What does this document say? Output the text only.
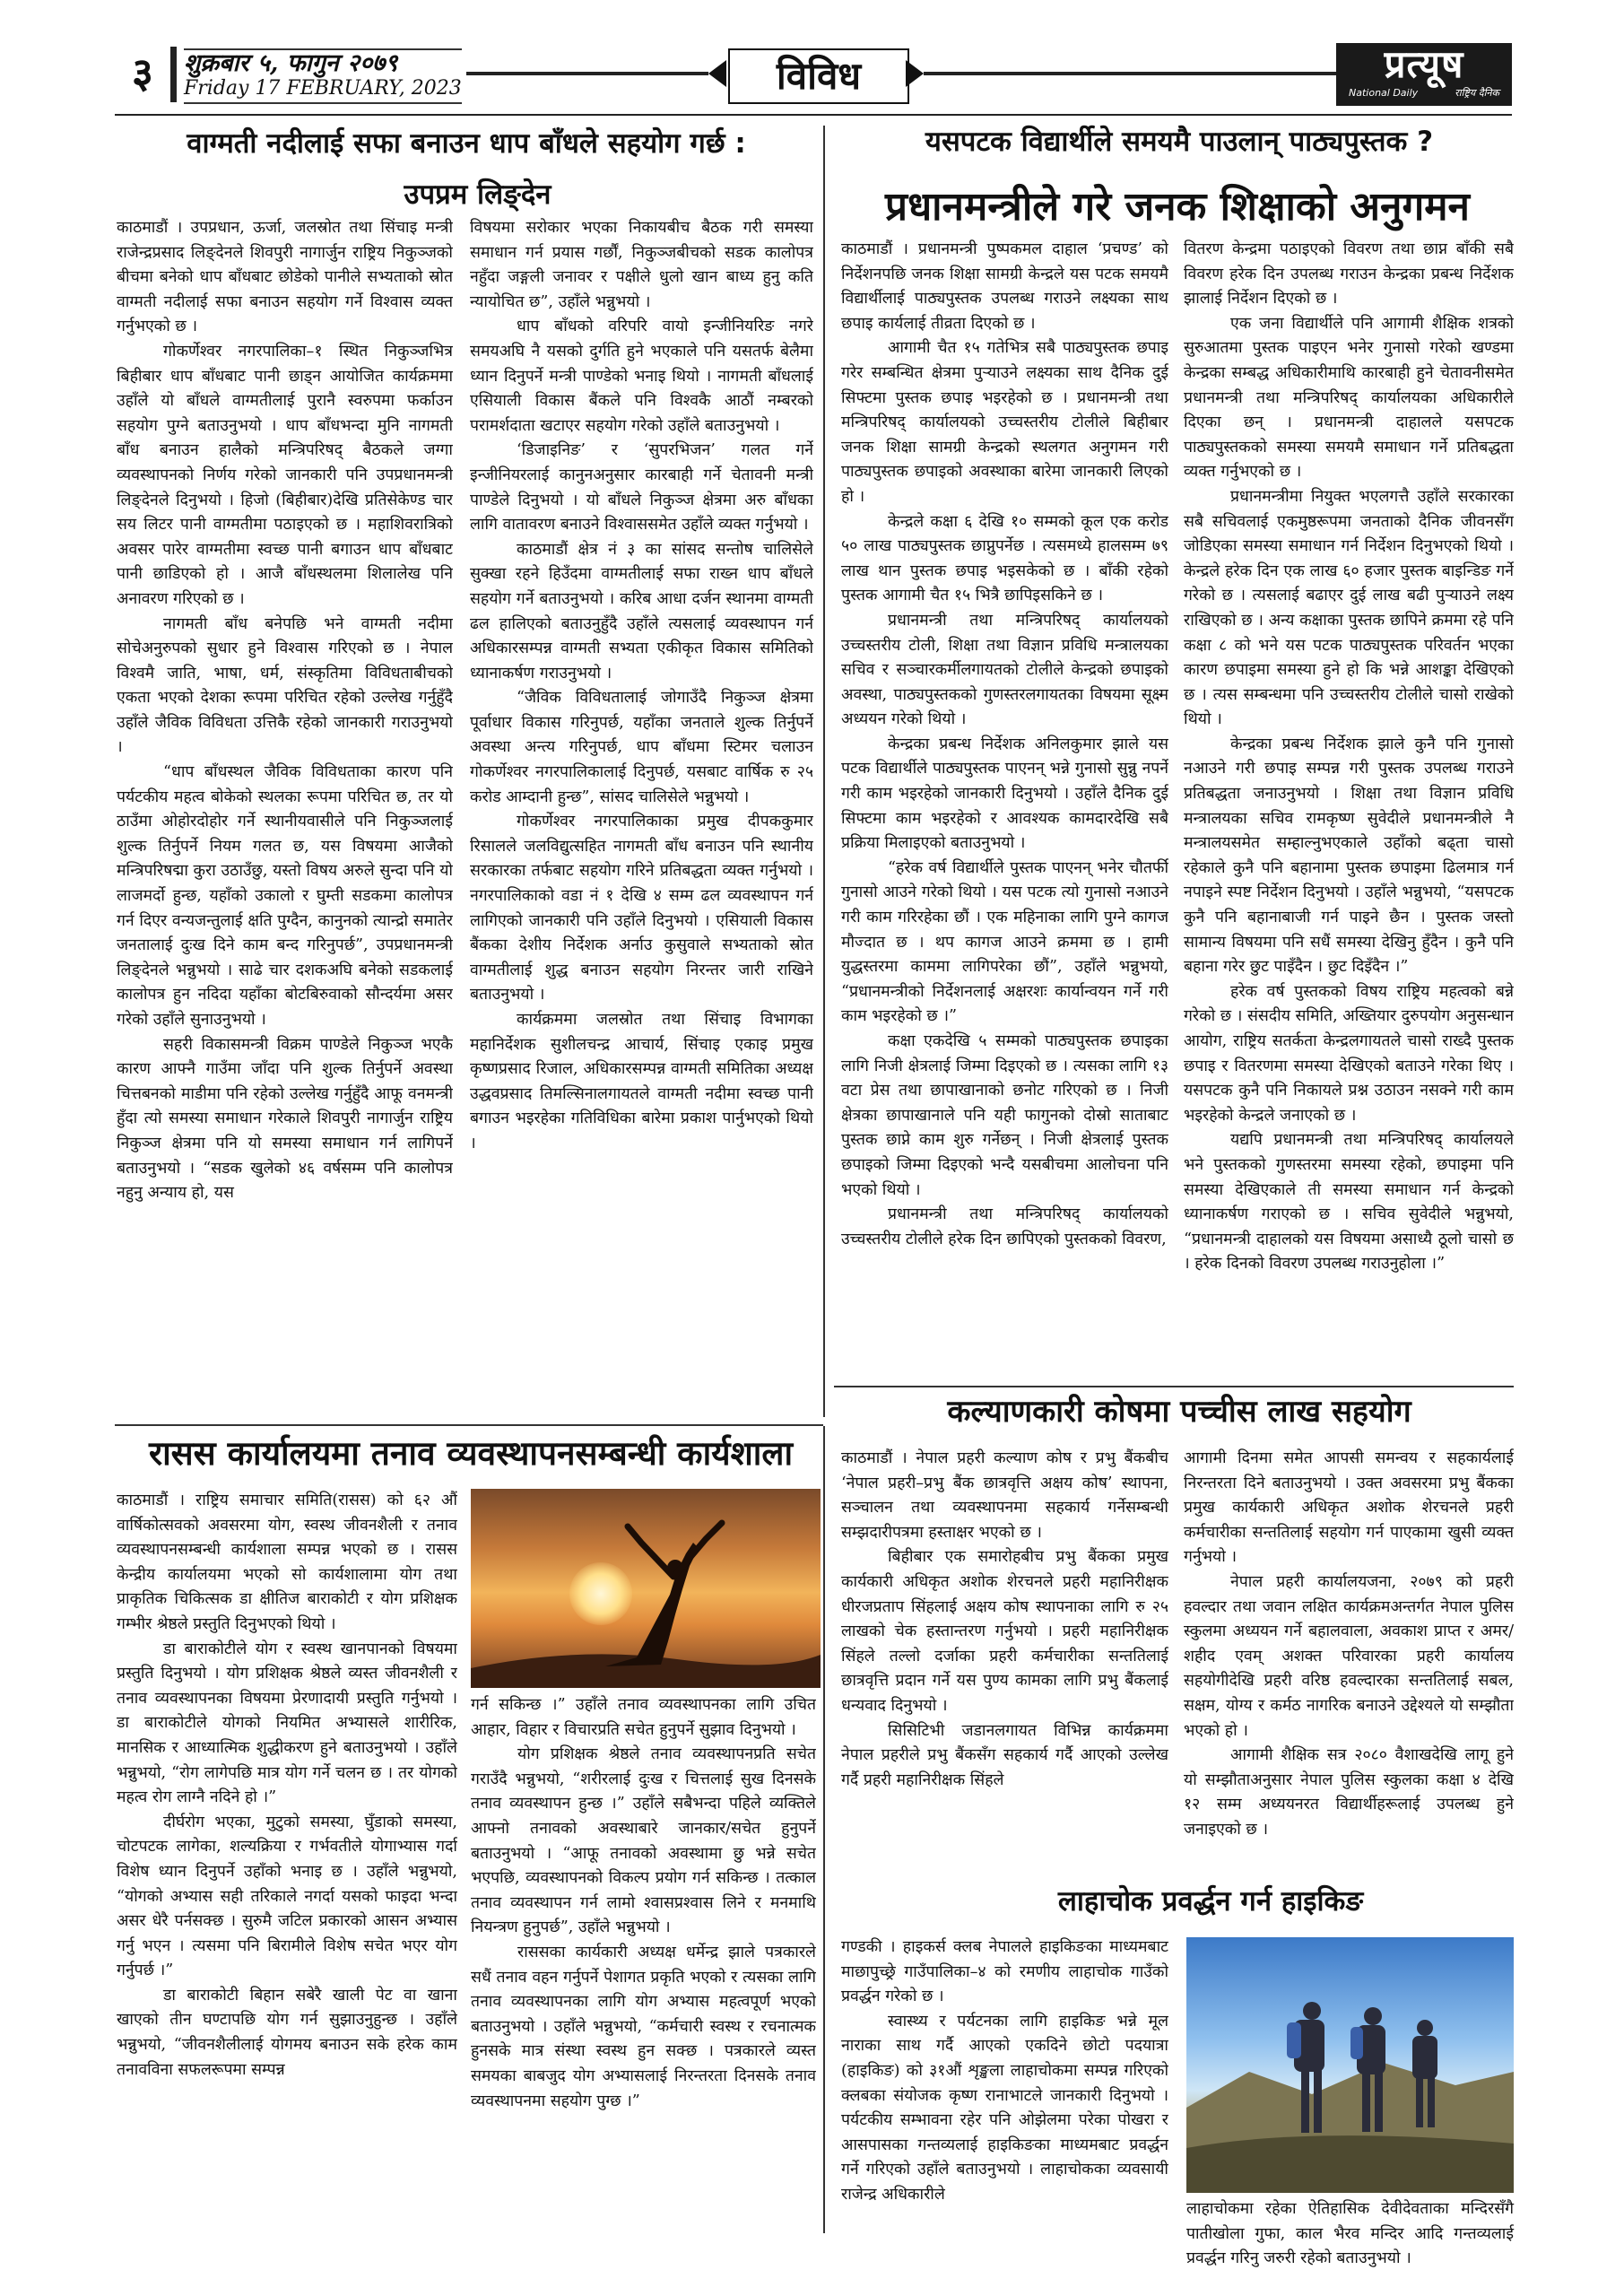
३	शुक्रबार ५, फागुन २०७९
Friday 17 FEBRUARY, 2023	विविध	प्रत्यूष
National Daily	राष्ट्रिय दैनिक
वाग्मती नदीलाई सफा बनाउन धाप बाँधले सहयोग गर्छ :
उपप्रम लिङ्देन

काठमाडौं । उपप्रधान, ऊर्जा, जलस्रोत तथा सिंचाइ मन्त्री राजेन्द्रप्रसाद लिङ्देनले शिवपुरी नागार्जुन राष्ट्रिय निकुञ्जको बीचमा बनेको धाप बाँधबाट छोडेको पानीले सभ्यताको स्रोत वाग्मती नदीलाई सफा बनाउन सहयोग गर्ने विश्वास व्यक्त गर्नुभएको छ ।

गोकर्णेश्वर नगरपालिका–१ स्थित निकुञ्जभित्र बिहीबार धाप बाँधबाट पानी छाड्न आयोजित कार्यक्रममा उहाँले यो बाँधले वाग्मतीलाई पुरानै स्वरुपमा फर्काउन सहयोग पुग्ने बताउनुभयो । धाप बाँधभन्दा मुनि नागमती बाँध बनाउन हालैको मन्त्रिपरिषद् बैठकले जग्गा व्यवस्थापनको निर्णय गरेको जानकारी पनि उपप्रधानमन्त्री लिङ्देनले दिनुभयो । हिजो (बिहीबार)देखि प्रतिसेकेण्ड चार सय लिटर पानी वाग्मतीमा पठाइएको छ । महाशिवरात्रिको अवसर पारेर वाग्मतीमा स्वच्छ पानी बगाउन धाप बाँधबाट पानी छाडिएको हो । आजै बाँधस्थलमा शिलालेख पनि अनावरण गरिएको छ ।

नागमती बाँध बनेपछि भने वाग्मती नदीमा सोचेअनुरुपको सुधार हुने विश्वास गरिएको छ । नेपाल विश्वमै जाति, भाषा, धर्म, संस्कृतिमा विविधताबीचको एकता भएको देशका रूपमा परिचित रहेको उल्लेख गर्नुहुँदै उहाँले जैविक विविधता उत्तिकै रहेको जानकारी गराउनुभयो ।

“धाप बाँधस्थल जैविक विविधताका कारण पनि पर्यटकीय महत्व बोकेको स्थलका रूपमा परिचित छ, तर यो ठाउँमा ओहोरदोहोर गर्ने स्थानीयवासीले पनि निकुञ्जलाई शुल्क तिर्नुपर्ने नियम गलत छ, यस विषयमा आजैको मन्त्रिपरिषद्मा कुरा उठाउँछु, यस्तो विषय अरुले सुन्दा पनि यो लाजमर्दो हुन्छ, यहाँको उकालो र घुम्ती सडकमा कालोपत्र गर्न दिएर वन्यजन्तुलाई क्षति पुग्दैन, कानुनको त्यान्द्रो समातेर जनतालाई दुःख दिने काम बन्द गरिनुपर्छ”, उपप्रधानमन्त्री लिङ्देनले भन्नुभयो । साढे चार दशकअघि बनेको सडकलाई कालोपत्र हुन नदिदा यहाँका बोटबिरुवाको सौन्दर्यमा असर गरेको उहाँले सुनाउनुभयो ।

सहरी विकासमन्त्री विक्रम पाण्डेले निकुञ्ज भएकै कारण आफ्नै गाउँमा जाँदा पनि शुल्क तिर्नुपर्ने अवस्था चित्तबनको माडीमा पनि रहेको उल्लेख गर्नुहुँदै आफू वनमन्त्री हुँदा त्यो समस्या समाधान गरेकाले शिवपुरी नागार्जुन राष्ट्रिय निकुञ्ज क्षेत्रमा पनि यो समस्या समाधान गर्न लागिपर्ने बताउनुभयो । “सडक खुलेको ४६ वर्षसम्म पनि कालोपत्र नहुनु अन्याय हो, यस

विषयमा सरोकार भएका निकायबीच बैठक गरी समस्या समाधान गर्न प्रयास गर्छौं, निकुञ्जबीचको सडक कालोपत्र नहुँदा जङ्गली जनावर र पक्षीले धुलो खान बाध्य हुनु कति न्यायोचित छ”, उहाँले भन्नुभयो ।

धाप बाँधको वरिपरि वायो इन्जीनियरिङ नगरे समयअघि नै यसको दुर्गति हुने भएकाले पनि यसतर्फ बेलैमा ध्यान दिनुपर्ने मन्त्री पाण्डेको भनाइ थियो । नागमती बाँधलाई एसियाली विकास बैंकले पनि विश्वकै आठौं नम्बरको परामर्शदाता खटाएर सहयोग गरेको उहाँले बताउनुभयो ।

‘डिजाइनिङ’ र ‘सुपरभिजन’ गलत गर्ने इन्जीनियरलाई कानुनअनुसार कारबाही गर्ने चेतावनी मन्त्री पाण्डेले दिनुभयो । यो बाँधले निकुञ्ज क्षेत्रमा अरु बाँधका लागि वातावरण बनाउने विश्वाससमेत उहाँले व्यक्त गर्नुभयो ।

काठमाडौं क्षेत्र नं ३ का सांसद सन्तोष चालिसेले सुक्खा रहने हिउँदमा वाग्मतीलाई सफा राख्न धाप बाँधले सहयोग गर्ने बताउनुभयो । करिब आधा दर्जन स्थानमा वाग्मती ढल हालिएको बताउनुहुँदै उहाँले त्यसलाई व्यवस्थापन गर्न अधिकारसम्पन्न वाग्मती सभ्यता एकीकृत विकास समितिको ध्यानाकर्षण गराउनुभयो ।

“जैविक विविधतालाई जोगाउँदै निकुञ्ज क्षेत्रमा पूर्वाधार विकास गरिनुपर्छ, यहाँका जनताले शुल्क तिर्नुपर्ने अवस्था अन्त्य गरिनुपर्छ, धाप बाँधमा स्टिमर चलाउन गोकर्णेश्वर नगरपालिकालाई दिनुपर्छ, यसबाट वार्षिक रु २५ करोड आम्दानी हुन्छ”, सांसद चालिसेले भन्नुभयो ।

गोकर्णेश्वर नगरपालिकाका प्रमुख दीपककुमार रिसालले जलविद्युत्सहित नागमती बाँध बनाउन पनि स्थानीय सरकारका तर्फबाट सहयोग गरिने प्रतिबद्धता व्यक्त गर्नुभयो । नगरपालिकाको वडा नं १ देखि ४ सम्म ढल व्यवस्थापन गर्न लागिएको जानकारी पनि उहाँले दिनुभयो । एसियाली विकास बैंकका देशीय निर्देशक अर्नाउ कुसुवाले सभ्यताको स्रोत वाग्मतीलाई शुद्ध बनाउन सहयोग निरन्तर जारी राखिने बताउनुभयो ।

कार्यक्रममा जलस्रोत तथा सिंचाइ विभागका महानिर्देशक सुशीलचन्द्र आचार्य, सिंचाइ एकाइ प्रमुख कृष्णप्रसाद रिजाल, अधिकारसम्पन्न वाग्मती समितिका अध्यक्ष उद्धवप्रसाद तिमल्सिनालगायतले वाग्मती नदीमा स्वच्छ पानी बगाउन भइरहेका गतिविधिका बारेमा प्रकाश पार्नुभएको थियो ।

यसपटक विद्यार्थीले समयमै पाउलान् पाठ्यपुस्तक ?
प्रधानमन्त्रीले गरे जनक शिक्षाको अनुगमन

काठमाडौं । प्रधानमन्त्री पुष्पकमल दाहाल ‘प्रचण्ड’ को निर्देशनपछि जनक शिक्षा सामग्री केन्द्रले यस पटक समयमै विद्यार्थीलाई पाठ्यपुस्तक उपलब्ध गराउने लक्ष्यका साथ छपाइ कार्यलाई तीव्रता दिएको छ ।

आगामी चैत १५ गतेभित्र सबै पाठ्यपुस्तक छपाइ गरेर सम्बन्धित क्षेत्रमा पुऱ्याउने लक्ष्यका साथ दैनिक दुई सिफ्टमा पुस्तक छपाइ भइरहेको छ । प्रधानमन्त्री तथा मन्त्रिपरिषद् कार्यालयको उच्चस्तरीय टोलीले बिहीबार जनक शिक्षा सामग्री केन्द्रको स्थलगत अनुगमन गरी पाठ्यपुस्तक छपाइको अवस्थाका बारेमा जानकारी लिएको हो ।

केन्द्रले कक्षा ६ देखि १० सम्मको कूल एक करोड ५० लाख पाठ्यपुस्तक छाप्नुपर्नेछ । त्यसमध्ये हालसम्म ७९ लाख थान पुस्तक छपाइ भइसकेको छ । बाँकी रहेको पुस्तक आगामी चैत १५ भित्रै छापिइसकिने छ ।

प्रधानमन्त्री तथा मन्त्रिपरिषद् कार्यालयको उच्चस्तरीय टोली, शिक्षा तथा विज्ञान प्रविधि मन्त्रालयका सचिव र सञ्चारकर्मीलगायतको टोलीले केन्द्रको छपाइको अवस्था, पाठ्यपुस्तकको गुणस्तरलगायतका विषयमा सूक्ष्म अध्ययन गरेको थियो ।

केन्द्रका प्रबन्ध निर्देशक अनिलकुमार झाले यस पटक विद्यार्थीले पाठ्यपुस्तक पाएनन् भन्ने गुनासो सुन्नु नपर्ने गरी काम भइरहेको जानकारी दिनुभयो । उहाँले दैनिक दुई सिफ्टमा काम भइरहेको र आवश्यक कामदारदेखि सबै प्रक्रिया मिलाइएको बताउनुभयो ।

“हरेक वर्ष विद्यार्थीले पुस्तक पाएनन् भनेर चौतर्फी गुनासो आउने गरेको थियो । यस पटक त्यो गुनासो नआउने गरी काम गरिरहेका छौं । एक महिनाका लागि पुग्ने कागज मौज्दात छ । थप कागज आउने क्रममा छ । हामी युद्धस्तरमा काममा लागिपरेका छौं”, उहाँले भन्नुभयो, “प्रधानमन्त्रीको निर्देशनलाई अक्षरशः कार्यान्वयन गर्ने गरी काम भइरहेको छ ।”

कक्षा एकदेखि ५ सम्मको पाठ्यपुस्तक छपाइका लागि निजी क्षेत्रलाई जिम्मा दिइएको छ । त्यसका लागि १३ वटा प्रेस तथा छापाखानाको छनोट गरिएको छ । निजी क्षेत्रका छापाखानाले पनि यही फागुनको दोस्रो साताबाट पुस्तक छाप्ने काम शुरु गर्नेछन् । निजी क्षेत्रलाई पुस्तक छपाइको जिम्मा दिइएको भन्दै यसबीचमा आलोचना पनि भएको थियो ।

प्रधानमन्त्री तथा मन्त्रिपरिषद् कार्यालयको उच्चस्तरीय टोलीले हरेक दिन छापिएको पुस्तकको विवरण,

वितरण केन्द्रमा पठाइएको विवरण तथा छाप्न बाँकी सबै विवरण हरेक दिन उपलब्ध गराउन केन्द्रका प्रबन्ध निर्देशक झालाई निर्देशन दिएको छ ।

एक जना विद्यार्थीले पनि आगामी शैक्षिक शत्रको सुरुआतमा पुस्तक पाइएन भनेर गुनासो गरेको खण्डमा केन्द्रका सम्बद्ध अधिकारीमाथि कारबाही हुने चेतावनीसमेत प्रधानमन्त्री तथा मन्त्रिपरिषद् कार्यालयका अधिकारीले दिएका छन् । प्रधानमन्त्री दाहालले यसपटक पाठ्यपुस्तकको समस्या समयमै समाधान गर्ने प्रतिबद्धता व्यक्त गर्नुभएको छ ।

प्रधानमन्त्रीमा नियुक्त भएलगत्तै उहाँले सरकारका सबै सचिवलाई एकमुष्ठरूपमा जनताको दैनिक जीवनसँग जोडिएका समस्या समाधान गर्न निर्देशन दिनुभएको थियो । केन्द्रले हरेक दिन एक लाख ६० हजार पुस्तक बाइन्डिङ गर्ने गरेको छ । त्यसलाई बढाएर दुई लाख बढी पुऱ्याउने लक्ष्य राखिएको छ । अन्य कक्षाका पुस्तक छापिने क्रममा रहे पनि कक्षा ८ को भने यस पटक पाठ्यपुस्तक परिवर्तन भएका कारण छपाइमा समस्या हुने हो कि भन्ने आशङ्का देखिएको छ । त्यस सम्बन्धमा पनि उच्चस्तरीय टोलीले चासो राखेको थियो ।

केन्द्रका प्रबन्ध निर्देशक झाले कुनै पनि गुनासो नआउने गरी छपाइ सम्पन्न गरी पुस्तक उपलब्ध गराउने प्रतिबद्धता जनाउनुभयो । शिक्षा तथा विज्ञान प्रविधि मन्त्रालयका सचिव रामकृष्ण सुवेदीले प्रधानमन्त्रीले नै मन्त्रालयसमेत सम्हाल्नुभएकाले उहाँको बढ्ता चासो रहेकाले कुनै पनि बहानामा पुस्तक छपाइमा ढिलमात्र गर्न नपाइने स्पष्ट निर्देशन दिनुभयो । उहाँले भन्नुभयो, “यसपटक कुनै पनि बहानाबाजी गर्न पाइने छैन । पुस्तक जस्तो सामान्य विषयमा पनि सधैं समस्या देखिनु हुँदैन । कुनै पनि बहाना गरेर छुट पाइँदैन । छुट दिइँदैन ।”

हरेक वर्ष पुस्तकको विषय राष्ट्रिय महत्वको बन्ने गरेको छ । संसदीय समिति, अख्तियार दुरुपयोग अनुसन्धान आयोग, राष्ट्रिय सतर्कता केन्द्रलगायतले चासो राख्दै पुस्तक छपाइ र वितरणमा समस्या देखिएको बताउने गरेका थिए । यसपटक कुनै पनि निकायले प्रश्न उठाउन नसक्ने गरी काम भइरहेको केन्द्रले जनाएको छ ।

यद्यपि प्रधानमन्त्री तथा मन्त्रिपरिषद् कार्यालयले भने पुस्तकको गुणस्तरमा समस्या रहेको, छपाइमा पनि समस्या देखिएकाले ती समस्या समाधान गर्न केन्द्रको ध्यानाकर्षण गराएको छ । सचिव सुवेदीले भन्नुभयो, “प्रधानमन्त्री दाहालको यस विषयमा असाध्यै ठूलो चासो छ । हरेक दिनको विवरण उपलब्ध गराउनुहोला ।”

रासस कार्यालयमा तनाव व्यवस्थापनसम्बन्धी कार्यशाला

काठमाडौं । राष्ट्रिय समाचार समिति(रासस) को ६२ औं वार्षिकोत्सवको अवसरमा योग, स्वस्थ जीवनशैली र तनाव व्यवस्थापनसम्बन्धी कार्यशाला सम्पन्न भएको छ । रासस केन्द्रीय कार्यालयमा भएको सो कार्यशालामा योग तथा प्राकृतिक चिकित्सक डा क्षीतिज बाराकोटी र योग प्रशिक्षक गम्भीर श्रेष्ठले प्रस्तुति दिनुभएको थियो ।

डा बाराकोटीले योग र स्वस्थ खानपानको विषयमा प्रस्तुति दिनुभयो । योग प्रशिक्षक श्रेष्ठले व्यस्त जीवनशैली र तनाव व्यवस्थापनका विषयमा प्रेरणादायी प्रस्तुति गर्नुभयो । डा बाराकोटीले योगको नियमित अभ्यासले शारीरिक, मानसिक र आध्यात्मिक शुद्धीकरण हुने बताउनुभयो । उहाँले भन्नुभयो, “रोग लागेपछि मात्र योग गर्ने चलन छ । तर योगको महत्व रोग लाग्नै नदिने हो ।”

दीर्घरोग भएका, मुटुको समस्या, घुँडाको समस्या, चोटपटक लागेका, शल्यक्रिया र गर्भवतीले योगाभ्यास गर्दा विशेष ध्यान दिनुपर्ने उहाँको भनाइ छ । उहाँले भन्नुभयो, “योगको अभ्यास सही तरिकाले नगर्दा यसको फाइदा भन्दा असर धेरै पर्नसक्छ । सुरुमै जटिल प्रकारको आसन अभ्यास गर्नु भएन । त्यसमा पनि बिरामीले विशेष सचेत भएर योग गर्नुपर्छ ।”

डा बाराकोटी बिहान सबेरै खाली पेट वा खाना खाएको तीन घण्टापछि योग गर्न सुझाउनुहुन्छ । उहाँले भन्नुभयो, “जीवनशैलीलाई योगमय बनाउन सके हरेक काम तनावविना सफलरूपमा सम्पन्न

गर्न सकिन्छ ।” उहाँले तनाव व्यवस्थापनका लागि उचित आहार, विहार र विचारप्रति सचेत हुनुपर्ने सुझाव दिनुभयो ।

योग प्रशिक्षक श्रेष्ठले तनाव व्यवस्थापनप्रति सचेत गराउँदै भन्नुभयो, “शरीरलाई दुःख र चित्तलाई सुख दिनसके तनाव व्यवस्थापन हुन्छ ।” उहाँले सबैभन्दा पहिले व्यक्तिले आफ्नो तनावको अवस्थाबारे जानकार/सचेत हुनुपर्ने बताउनुभयो । “आफू तनावको अवस्थामा छु भन्ने सचेत भएपछि, व्यवस्थापनको विकल्प प्रयोग गर्न सकिन्छ । तत्काल तनाव व्यवस्थापन गर्न लामो श्वासप्रश्वास लिने र मनमाथि नियन्त्रण हुनुपर्छ”, उहाँले भन्नुभयो ।

राससका कार्यकारी अध्यक्ष धर्मेन्द्र झाले पत्रकारले सधैं तनाव वहन गर्नुपर्ने पेशागत प्रकृति भएको र त्यसका लागि तनाव व्यवस्थापनका लागि योग अभ्यास महत्वपूर्ण भएको बताउनुभयो । उहाँले भन्नुभयो, “कर्मचारी स्वस्थ र रचनात्मक हुनसके मात्र संस्था स्वस्थ हुन सक्छ । पत्रकारले व्यस्त समयका बाबजुद योग अभ्यासलाई निरन्तरता दिनसके तनाव व्यवस्थापनमा सहयोग पुग्छ ।”

कल्याणकारी कोषमा पच्चीस लाख सहयोग

काठमाडौं । नेपाल प्रहरी कल्याण कोष र प्रभु बैंकबीच ‘नेपाल प्रहरी–प्रभु बैंक छात्रवृत्ति अक्षय कोष’ स्थापना, सञ्चालन तथा व्यवस्थापनमा सहकार्य गर्नेसम्बन्धी सम्झदारीपत्रमा हस्ताक्षर भएको छ ।

बिहीबार एक समारोहबीच प्रभु बैंकका प्रमुख कार्यकारी अधिकृत अशोक शेरचनले प्रहरी महानिरीक्षक धीरजप्रताप सिंहलाई अक्षय कोष स्थापनाका लागि रु २५ लाखको चेक हस्तान्तरण गर्नुभयो । प्रहरी महानिरीक्षक सिंहले तल्लो दर्जाका प्रहरी कर्मचारीका सन्ततिलाई छात्रवृत्ति प्रदान गर्ने यस पुण्य कामका लागि प्रभु बैंकलाई धन्यवाद दिनुभयो ।

सिसिटिभी जडानलगायत विभिन्न कार्यक्रममा नेपाल प्रहरीले प्रभु बैंकसँग सहकार्य गर्दै आएको उल्लेख गर्दै प्रहरी महानिरीक्षक सिंहले

आगामी दिनमा समेत आपसी समन्वय र सहकार्यलाई निरन्तरता दिने बताउनुभयो । उक्त अवसरमा प्रभु बैंकका प्रमुख कार्यकारी अधिकृत अशोक शेरचनले प्रहरी कर्मचारीका सन्ततिलाई सहयोग गर्न पाएकामा खुसी व्यक्त गर्नुभयो ।

नेपाल प्रहरी कार्यालयजना, २०७९ को प्रहरी हवल्दार तथा जवान लक्षित कार्यक्रमअन्तर्गत नेपाल पुलिस स्कुलमा अध्ययन गर्ने बहालवाला, अवकाश प्राप्त र अमर/शहीद एवम् अशक्त परिवारका प्रहरी कार्यालय सहयोगीदेखि प्रहरी वरिष्ठ हवल्दारका सन्ततिलाई सबल, सक्षम, योग्य र कर्मठ नागरिक बनाउने उद्देश्यले यो सम्झौता भएको हो ।

आगामी शैक्षिक सत्र २०८० वैशाखदेखि लागू हुने यो सम्झौताअनुसार नेपाल पुलिस स्कुलका कक्षा ४ देखि १२ सम्म अध्ययनरत विद्यार्थीहरूलाई उपलब्ध हुने जनाइएको छ ।

लाहाचोक प्रवर्द्धन गर्न हाइकिङ

गण्डकी । हाइकर्स क्लब नेपालले हाइकिङका माध्यमबाट माछापुच्छ्रे गाउँपालिका–४ को रमणीय लाहाचोक गाउँको प्रवर्द्धन गरेको छ ।

स्वास्थ्य र पर्यटनका लागि हाइकिङ भन्ने मूल नाराका साथ गर्दै आएको एकदिने छोटो पदयात्रा (हाइकिङ) को ३१औं शृङ्खला लाहाचोकमा सम्पन्न गरिएको क्लबका संयोजक कृष्ण रानाभाटले जानकारी दिनुभयो । पर्यटकीय सम्भावना रहेर पनि ओझेलमा परेका पोखरा र आसपासका गन्तव्यलाई हाइकिङका माध्यमबाट प्रवर्द्धन गर्ने गरिएको उहाँले बताउनुभयो । लाहाचोकका व्यवसायी राजेन्द्र अधिकारीले

लाहाचोकमा रहेका ऐतिहासिक देवीदेवताका मन्दिरसँगै पातीखोला गुफा, काल भैरव मन्दिर आदि गन्तव्यलाई प्रवर्द्धन गरिनु जरुरी रहेको बताउनुभयो ।
